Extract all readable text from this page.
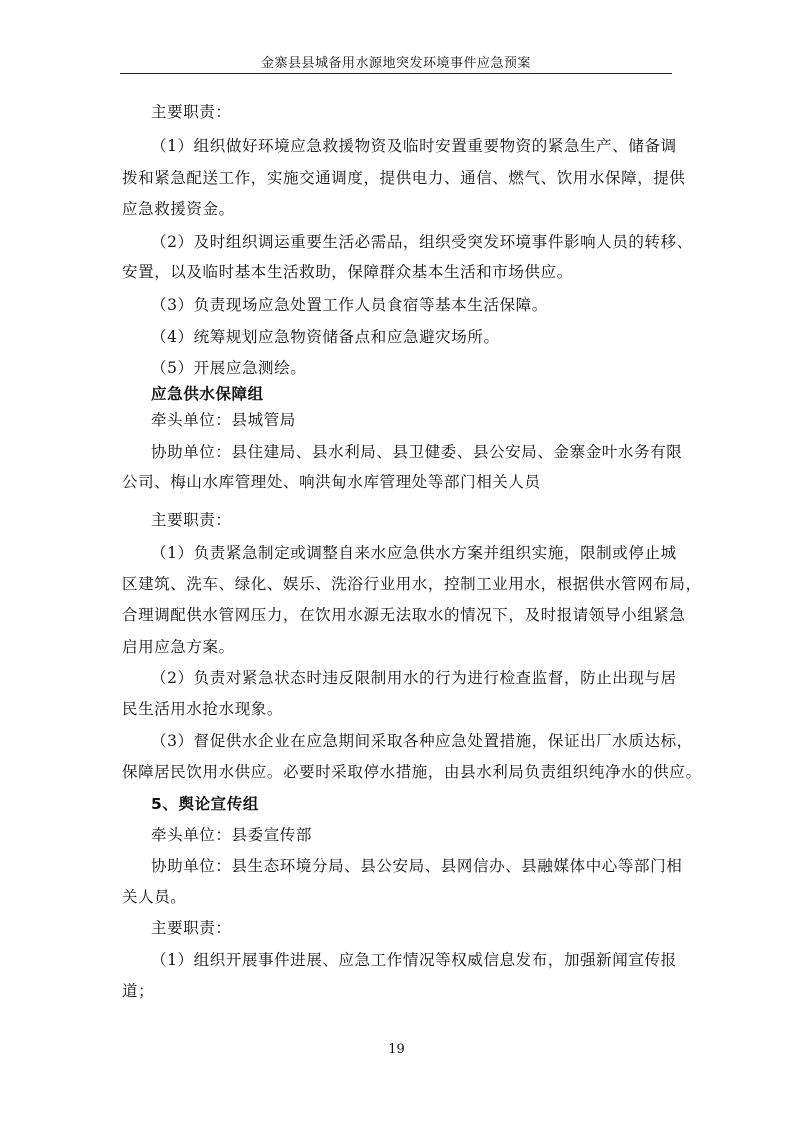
金寨县县城备用水源地突发环境事件应急预案
主要职责：
（1）组织做好环境应急救援物资及临时安置重要物资的紧急生产、储备调
拨和紧急配送工作，实施交通调度，提供电力、通信、燃气、饮用水保障，提供
应急救援资金。
（2）及时组织调运重要生活必需品，组织受突发环境事件影响人员的转移、
安置，以及临时基本生活救助，保障群众基本生活和市场供应。
（3）负责现场应急处置工作人员食宿等基本生活保障。
（4）统筹规划应急物资储备点和应急避灾场所。
（5）开展应急测绘。
应急供水保障组
牵头单位：县城管局
协助单位：县住建局、县水利局、县卫健委、县公安局、金寨金叶水务有限
公司、梅山水库管理处、响洪甸水库管理处等部门相关人员
主要职责：
（1）负责紧急制定或调整自来水应急供水方案并组织实施，限制或停止城
区建筑、洗车、绿化、娱乐、洗浴行业用水，控制工业用水，根据供水管网布局，
合理调配供水管网压力，在饮用水源无法取水的情况下，及时报请领导小组紧急
启用应急方案。
（2）负责对紧急状态时违反限制用水的行为进行检查监督，防止出现与居
民生活用水抢水现象。
（3）督促供水企业在应急期间采取各种应急处置措施，保证出厂水质达标，
保障居民饮用水供应。必要时采取停水措施，由县水利局负责组织纯净水的供应。
5、舆论宣传组
牵头单位：县委宣传部
协助单位：县生态环境分局、县公安局、县网信办、县融媒体中心等部门相
关人员。
主要职责：
（1）组织开展事件进展、应急工作情况等权威信息发布，加强新闻宣传报
道；
19
